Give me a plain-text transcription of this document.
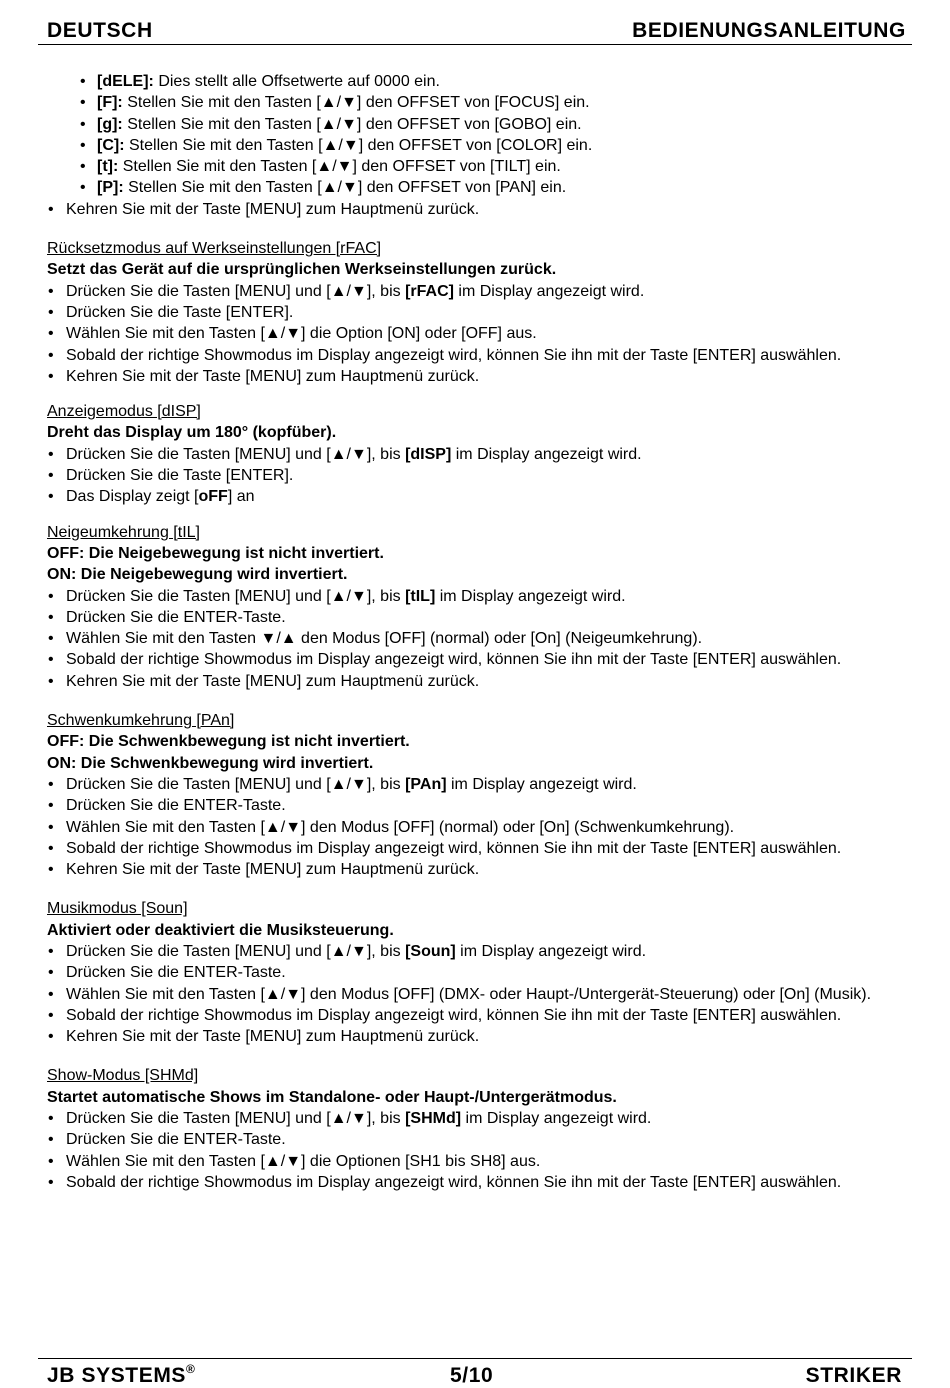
DEUTSCH	BEDIENUNGSANLEITUNG
• [dELE]: Dies stellt alle Offsetwerte auf 0000 ein.
• [F]: Stellen Sie mit den Tasten [▲/▼] den OFFSET von [FOCUS] ein.
• [g]: Stellen Sie mit den Tasten [▲/▼] den OFFSET von [GOBO] ein.
• [C]: Stellen Sie mit den Tasten [▲/▼] den OFFSET von [COLOR] ein.
• [t]: Stellen Sie mit den Tasten [▲/▼] den OFFSET von [TILT] ein.
• [P]: Stellen Sie mit den Tasten [▲/▼] den OFFSET von [PAN] ein.
• Kehren Sie mit der Taste [MENU] zum Hauptmenü zurück.
Rücksetzmodus auf Werkseinstellungen [rFAC]
Setzt das Gerät auf die ursprünglichen Werkseinstellungen zurück.
• Drücken Sie die Tasten [MENU] und [▲/▼], bis [rFAC] im Display angezeigt wird.
• Drücken Sie die Taste [ENTER].
• Wählen Sie mit den Tasten [▲/▼] die Option [ON] oder [OFF] aus.
• Sobald der richtige Showmodus im Display angezeigt wird, können Sie ihn mit der Taste [ENTER] auswählen.
• Kehren Sie mit der Taste [MENU] zum Hauptmenü zurück.
Anzeigemodus [dISP]
Dreht das Display um 180° (kopfüber).
• Drücken Sie die Tasten [MENU] und [▲/▼], bis [dISP] im Display angezeigt wird.
• Drücken Sie die Taste [ENTER].
• Das Display zeigt [oFF] an
Neigeumkehrung [tIL]
OFF: Die Neigebewegung ist nicht invertiert.
ON: Die Neigebewegung wird invertiert.
• Drücken Sie die Tasten [MENU] und [▲/▼], bis [tIL] im Display angezeigt wird.
• Drücken Sie die ENTER-Taste.
• Wählen Sie mit den Tasten ▼/▲ den Modus [OFF] (normal) oder [On] (Neigeumkehrung).
• Sobald der richtige Showmodus im Display angezeigt wird, können Sie ihn mit der Taste [ENTER] auswählen.
• Kehren Sie mit der Taste [MENU] zum Hauptmenü zurück.
Schwenkumkehrung [PAn]
OFF: Die Schwenkbewegung ist nicht invertiert.
ON: Die Schwenkbewegung wird invertiert.
• Drücken Sie die Tasten [MENU] und [▲/▼], bis [PAn] im Display angezeigt wird.
• Drücken Sie die ENTER-Taste.
• Wählen Sie mit den Tasten [▲/▼] den Modus [OFF] (normal) oder [On] (Schwenkumkehrung).
• Sobald der richtige Showmodus im Display angezeigt wird, können Sie ihn mit der Taste [ENTER] auswählen.
• Kehren Sie mit der Taste [MENU] zum Hauptmenü zurück.
Musikmodus [Soun]
Aktiviert oder deaktiviert die Musiksteuerung.
• Drücken Sie die Tasten [MENU] und [▲/▼], bis [Soun] im Display angezeigt wird.
• Drücken Sie die ENTER-Taste.
• Wählen Sie mit den Tasten [▲/▼] den Modus [OFF] (DMX- oder Haupt-/Untergerät-Steuerung) oder [On] (Musik).
• Sobald der richtige Showmodus im Display angezeigt wird, können Sie ihn mit der Taste [ENTER] auswählen.
• Kehren Sie mit der Taste [MENU] zum Hauptmenü zurück.
Show-Modus [SHMd]
Startet automatische Shows im Standalone- oder Haupt-/Untergerätmodus.
• Drücken Sie die Tasten [MENU] und [▲/▼], bis [SHMd] im Display angezeigt wird.
• Drücken Sie die ENTER-Taste.
• Wählen Sie mit den Tasten [▲/▼] die Optionen [SH1 bis SH8] aus.
• Sobald der richtige Showmodus im Display angezeigt wird, können Sie ihn mit der Taste [ENTER] auswählen.
JB SYSTEMS®	5/10	STRIKER
